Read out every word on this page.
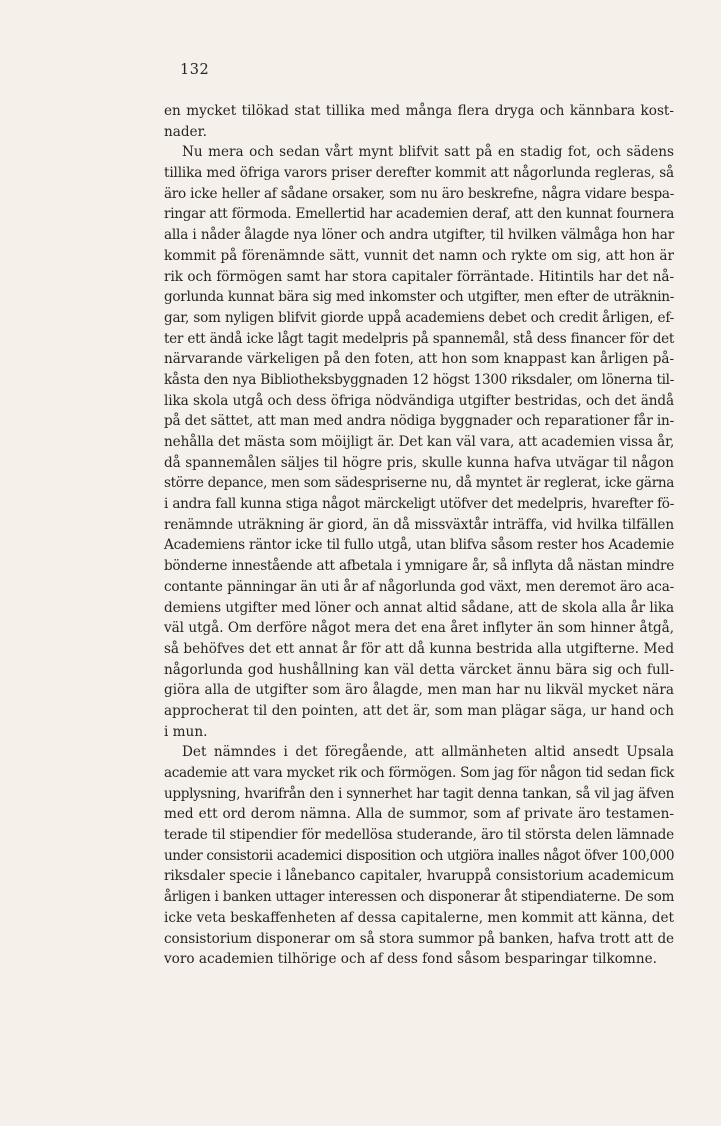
132
en mycket tilökad stat tillika med många flera dryga och kännbara kost-
nader.
Nu mera och sedan vårt mynt blifvit satt på en stadig fot, och sädens
tillika med öfriga varors priser derefter kommit att någorlunda regleras, så
äro icke heller af sådane orsaker, som nu äro beskrefne, några vidare bespa-
ringar att förmoda. Emellertid har academien deraf, att den kunnat fournera
alla i nåder ålagde nya löner och andra utgifter, til hvilken välmåga hon har
kommit på förenämnde sätt, vunnit det namn och rykte om sig, att hon är
rik och förmögen samt har stora capitaler förräntade. Hitintils har det nå-
gorlunda kunnat bära sig med inkomster och utgifter, men efter de uträknin-
gar, som nyligen blifvit giorde uppå academiens debet och credit årligen, ef-
ter ett ändå icke lågt tagit medelpris på spannemål, stå dess financer för det
närvarande värkeligen på den foten, att hon som knappast kan årligen på-
kåsta den nya Bibliotheksbyggnaden 12 högst 1300 riksdaler, om lönerna til-
lika skola utgå och dess öfriga nödvändiga utgifter bestridas, och det ändå
på det sättet, att man med andra nödiga byggnader och reparationer får in-
nehålla det mästa som möijligt är. Det kan väl vara, att academien vissa år,
då spannemålen säljes til högre pris, skulle kunna hafva utvägar til någon
större depance, men som sädespriserne nu, då myntet är reglerat, icke gärna
i andra fall kunna stiga något märckeligt utöfver det medelpris, hvarefter fö-
renämnde uträkning är giord, än då missväxtår inträffa, vid hvilka tilfällen
Academiens räntor icke til fullo utgå, utan blifva såsom rester hos Academie
bönderne innestående att afbetala i ymnigare år, så inflyta då nästan mindre
contante pänningar än uti år af någorlunda god växt, men deremot äro aca-
demiens utgifter med löner och annat altid sådane, att de skola alla år lika
väl utgå. Om derföre något mera det ena året inflyter än som hinner åtgå,
så behöfves det ett annat år för att då kunna bestrida alla utgifterne. Med
någorlunda god hushållning kan väl detta värcket ännu bära sig och full-
giöra alla de utgifter som äro ålagde, men man har nu likväl mycket nära
approcherat til den pointen, att det är, som man plägar säga, ur hand och
i mun.
Det nämndes i det föregående, att allmänheten altid ansedt Upsala
academie att vara mycket rik och förmögen. Som jag för någon tid sedan fick
upplysning, hvarifrån den i synnerhet har tagit denna tankan, så vil jag äfven
med ett ord derom nämna. Alla de summor, som af private äro testamen-
terade til stipendier för medellösa studerande, äro til största delen lämnade
under consistorii academici disposition och utgiöra inalles något öfver 100,000
riksdaler specie i lånebanco capitaler, hvaruppå consistorium academicum
årligen i banken uttager interessen och disponerar åt stipendiaterne. De som
icke veta beskaffenheten af dessa capitalerne, men kommit att känna, det
consistorium disponerar om så stora summor på banken, hafva trott att de
voro academien tilhörige och af dess fond såsom besparingar tilkomne.
